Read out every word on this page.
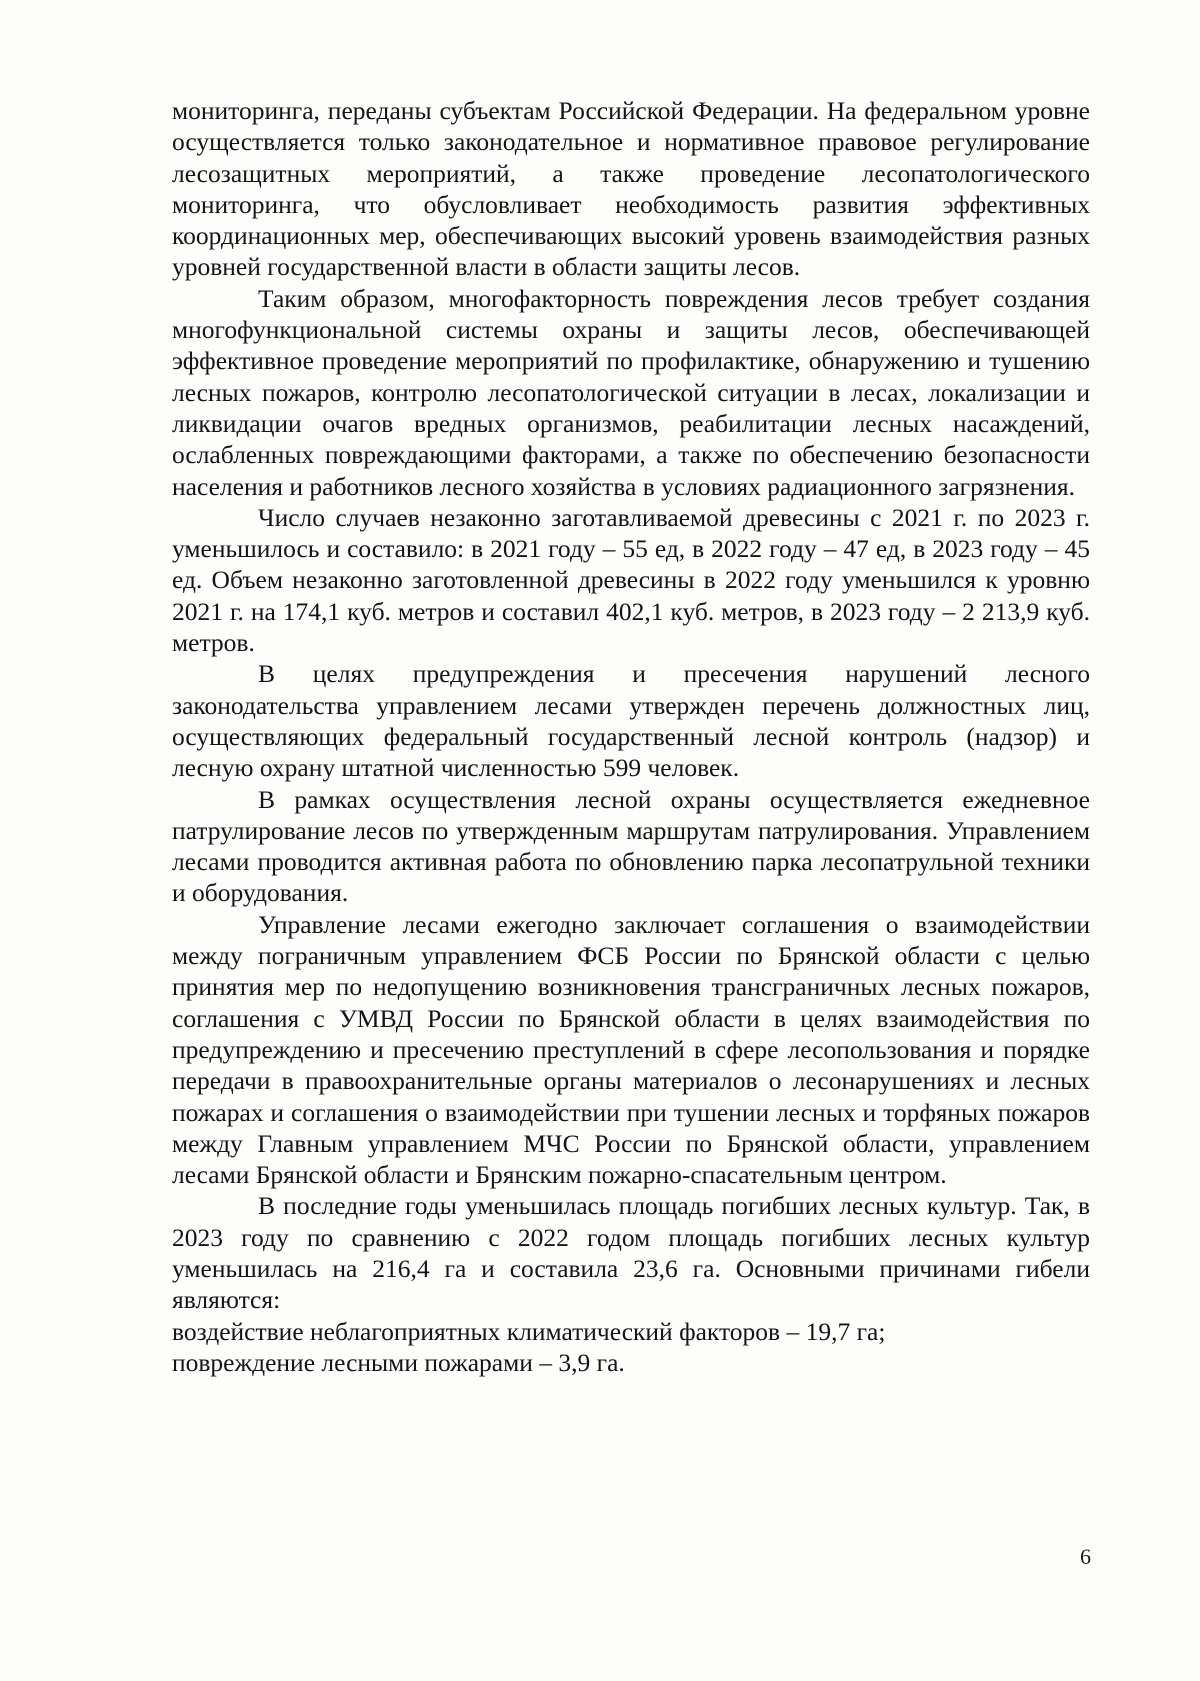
мониторинга, переданы субъектам Российской Федерации. На федеральном уровне осуществляется только законодательное и нормативное правовое регулирование лесозащитных мероприятий, а также проведение лесопатологического мониторинга, что обусловливает необходимость развития эффективных координационных мер, обеспечивающих высокий уровень взаимодействия разных уровней государственной власти в области защиты лесов.

Таким образом, многофакторность повреждения лесов требует создания многофункциональной системы охраны и защиты лесов, обеспечивающей эффективное проведение мероприятий по профилактике, обнаружению и тушению лесных пожаров, контролю лесопатологической ситуации в лесах, локализации и ликвидации очагов вредных организмов, реабилитации лесных насаждений, ослабленных повреждающими факторами, а также по обеспечению безопасности населения и работников лесного хозяйства в условиях радиационного загрязнения.

Число случаев незаконно заготавливаемой древесины с 2021 г. по 2023 г. уменьшилось и составило: в 2021 году – 55 ед, в 2022 году – 47 ед, в 2023 году – 45 ед. Объем незаконно заготовленной древесины в 2022 году уменьшился к уровню 2021 г. на 174,1 куб. метров и составил 402,1 куб. метров, в 2023 году – 2 213,9 куб. метров.

В целях предупреждения и пресечения нарушений лесного законодательства управлением лесами утвержден перечень должностных лиц, осуществляющих федеральный государственный лесной контроль (надзор) и лесную охрану штатной численностью 599 человек.

В рамках осуществления лесной охраны осуществляется ежедневное патрулирование лесов по утвержденным маршрутам патрулирования. Управлением лесами проводится активная работа по обновлению парка лесопатрульной техники и оборудования.

Управление лесами ежегодно заключает соглашения о взаимодействии между пограничным управлением ФСБ России по Брянской области с целью принятия мер по недопущению возникновения трансграничных лесных пожаров, соглашения с УМВД России по Брянской области в целях взаимодействия по предупреждению и пресечению преступлений в сфере лесопользования и порядке передачи в правоохранительные органы материалов о лесонарушениях и лесных пожарах и соглашения о взаимодействии при тушении лесных и торфяных пожаров между Главным управлением МЧС России по Брянской области, управлением лесами Брянской области и Брянским пожарно-спасательным центром.

В последние годы уменьшилась площадь погибших лесных культур. Так, в 2023 году по сравнению с 2022 годом площадь погибших лесных культур уменьшилась на 216,4 га и составила 23,6 га. Основными причинами гибели являются:

воздействие неблагоприятных климатический факторов – 19,7 га;

повреждение лесными пожарами – 3,9 га.

6
